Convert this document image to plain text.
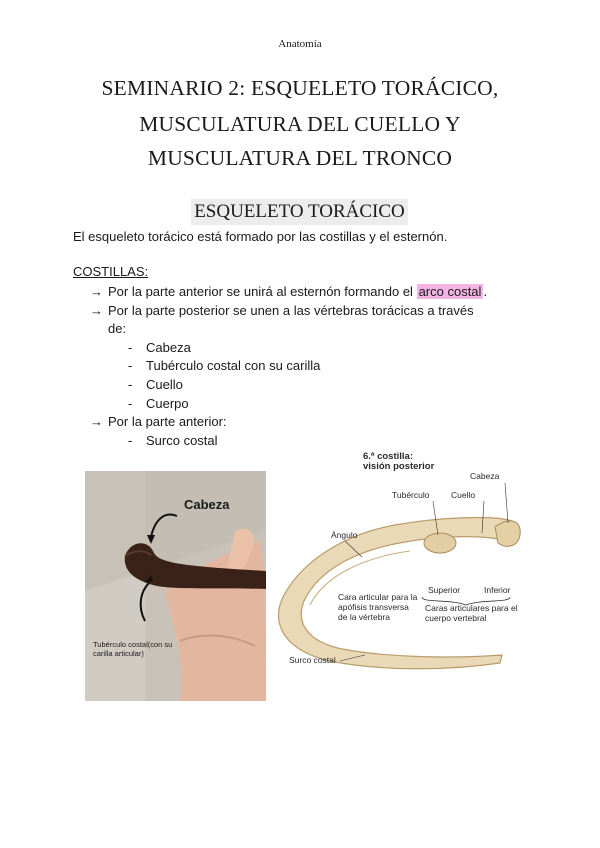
Anatomía
SEMINARIO 2: ESQUELETO TORÁCICO,
MUSCULATURA DEL CUELLO Y
MUSCULATURA DEL TRONCO
ESQUELETO TORÁCICO
El esqueleto torácico está formado por las costillas y el esternón.
COSTILLAS:
→ Por la parte anterior se unirá al esternón formando el arco costal .
→ Por la parte posterior se unen a las vértebras torácicas a través
de:
- Cabeza
- Tubérculo costal con su carilla
- Cuello
- Cuerpo
→ Por la parte anterior:
- Surco costal
Cabeza
Tubérculo costal(con su carilla articular)
6.ª costilla:
visión posterior
Cabeza
Tubérculo	Cuello
Ángulo
Superior	Inferior
Cara articular para la apófisis transversa de la vértebra
Caras articulares para el cuerpo vertebral
Surco costal
